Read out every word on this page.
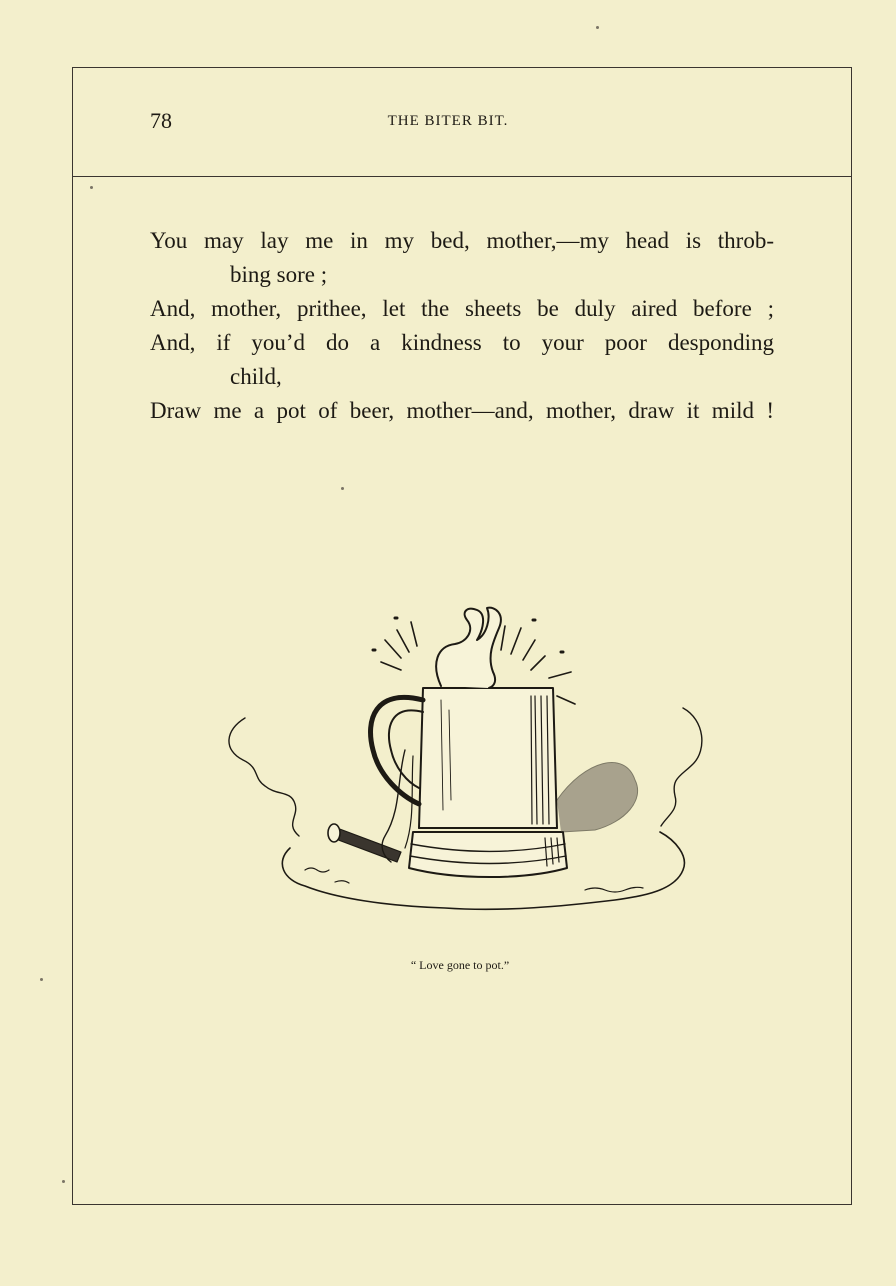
78	THE BITER BIT.
You may lay me in my bed, mother,—my head is throb-
bing sore ;
And, mother, prithee, let the sheets be duly aired before ;
And, if you’d do a kindness to your poor desponding
child,
Draw me a pot of beer, mother—and, mother, draw it mild !
“ Love gone to pot.”
